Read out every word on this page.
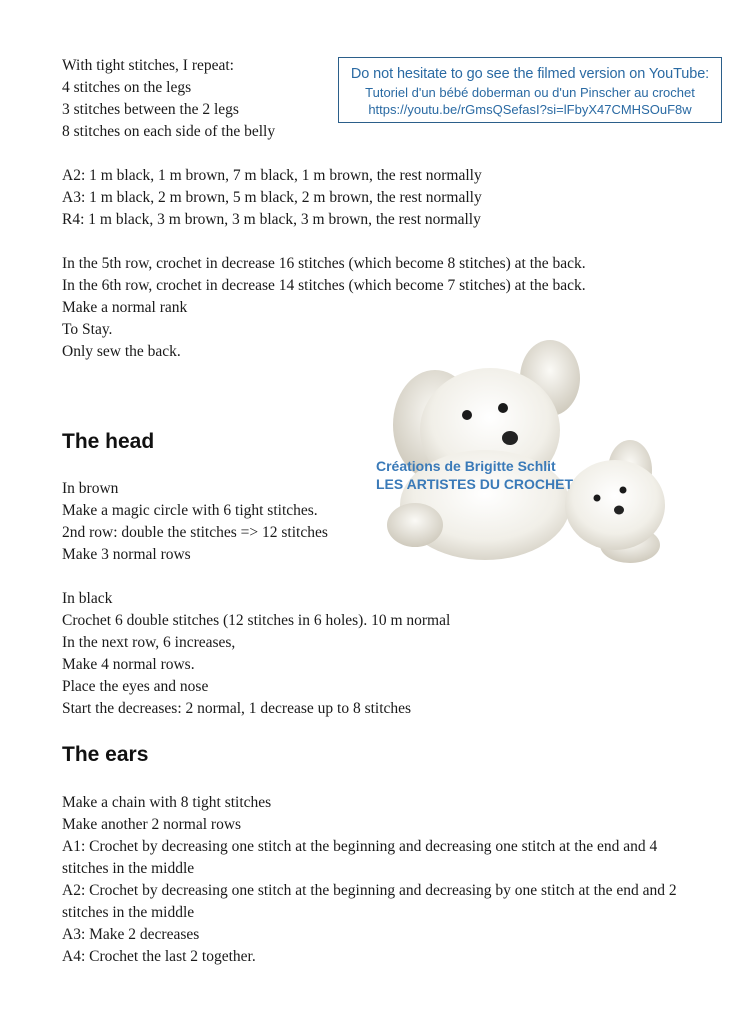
Do not hesitate to go see the filmed version on YouTube:
Tutoriel d'un bébé doberman ou d'un Pinscher au crochet
https://youtu.be/rGmsQSefasI?si=lFbyX47CMHSOuF8w
With tight stitches, I repeat:
4 stitches on the legs
3 stitches between the 2 legs
8 stitches on each side of the belly
A2: 1 m black, 1 m brown, 7 m black, 1 m brown, the rest normally
A3: 1 m black, 2 m brown, 5 m black, 2 m brown, the rest normally
R4: 1 m black, 3 m brown, 3 m black, 3 m brown, the rest normally
In the 5th row, crochet in decrease 16 stitches (which become 8 stitches) at the back.
In the 6th row, crochet in decrease 14 stitches (which become 7 stitches) at the back.
Make a normal rank
To Stay.
Only sew the back.
The head
In brown
Make a magic circle with 6 tight stitches.
2nd row: double the stitches => 12 stitches
Make 3 normal rows
In black
Crochet 6 double stitches (12 stitches in 6 holes). 10 m normal
In the next row, 6 increases,
Make 4 normal rows.
Place the eyes and nose
Start the decreases: 2 normal, 1 decrease up to 8 stitches
The ears
Make a chain with 8 tight stitches
Make another 2 normal rows
A1: Crochet by decreasing one stitch at the beginning and decreasing one stitch at the end and 4 stitches in the middle
A2: Crochet by decreasing one stitch at the beginning and decreasing by one stitch at the end and 2 stitches in the middle
A3: Make 2 decreases
A4: Crochet the last 2 together.
Créations de Brigitte Schlit
LES ARTISTES DU CROCHET
